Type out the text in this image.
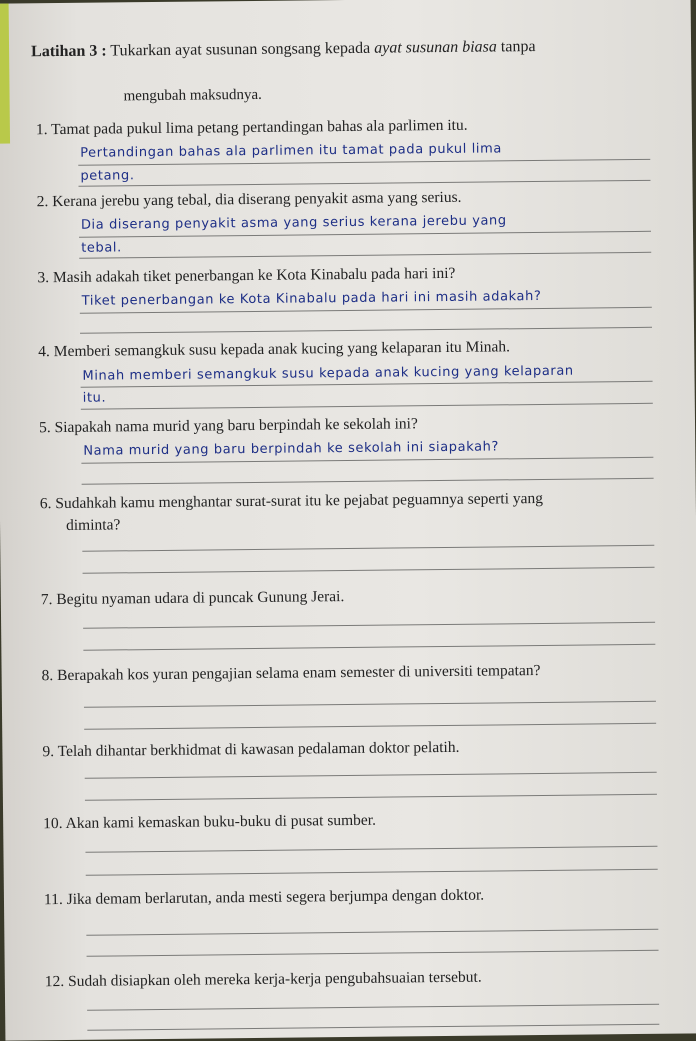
Latihan 3 : Tukarkan ayat susunan songsang kepada ayat susunan biasa tanpa
mengubah maksudnya.
1. Tamat pada pukul lima petang pertandingan bahas ala parlimen itu.
Pertandingan bahas ala parlimen itu tamat pada pukul lima
petang.
2. Kerana jerebu yang tebal, dia diserang penyakit asma yang serius.
Dia diserang penyakit asma yang serius kerana jerebu yang
tebal.
3. Masih adakah tiket penerbangan ke Kota Kinabalu pada hari ini?
Tiket penerbangan ke Kota Kinabalu pada hari ini masih adakah?
4. Memberi semangkuk susu kepada anak kucing yang kelaparan itu Minah.
Minah memberi semangkuk susu kepada anak kucing yang kelaparan
itu.
5. Siapakah nama murid yang baru berpindah ke sekolah ini?
Nama murid yang baru berpindah ke sekolah ini siapakah?
6. Sudahkah kamu menghantar surat-surat itu ke pejabat peguamnya seperti yang
diminta?
7. Begitu nyaman udara di puncak Gunung Jerai.
8. Berapakah kos yuran pengajian selama enam semester di universiti tempatan?
9. Telah dihantar berkhidmat di kawasan pedalaman doktor pelatih.
10. Akan kami kemaskan buku-buku di pusat sumber.
11. Jika demam berlarutan, anda mesti segera berjumpa dengan doktor.
12. Sudah disiapkan oleh mereka kerja-kerja pengubahsuaian tersebut.
